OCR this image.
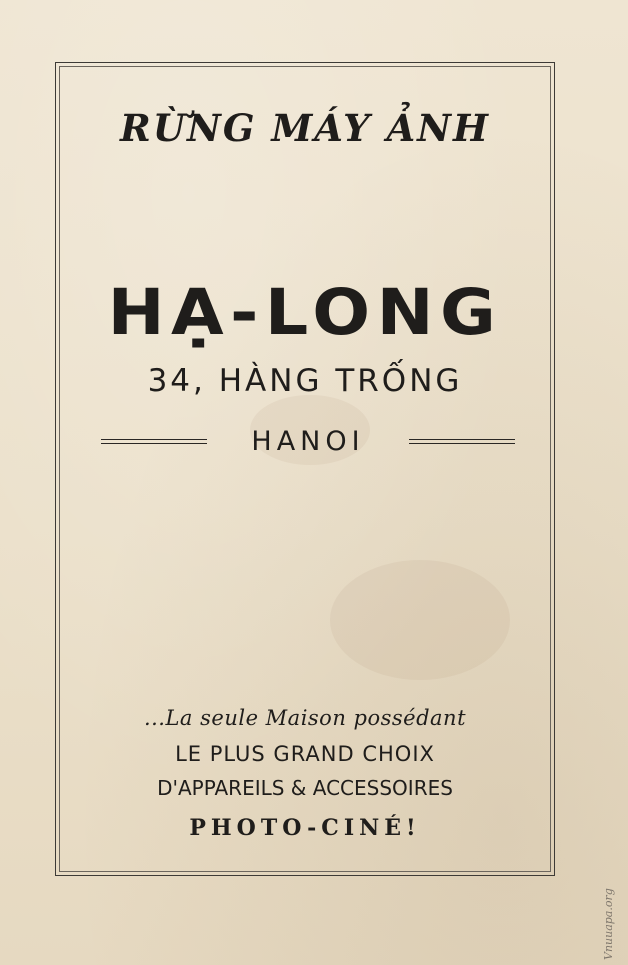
RỪNG MÁY ẢNH
HẠ-LONG
34, HÀNG TRỐNG
HANOI
...La seule Maison possédant
LE PLUS GRAND CHOIX
D'APPAREILS & ACCESSOIRES
PHOTO-CINÉ!
Vnuuapa.org
